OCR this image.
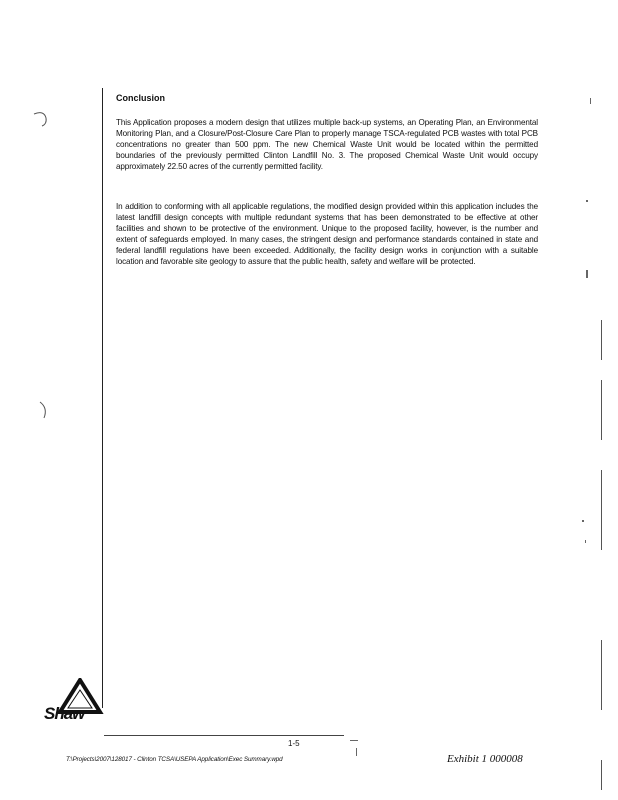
Conclusion

This Application proposes a modern design that utilizes multiple back-up systems, an Operating Plan, an Environmental Monitoring Plan, and a Closure/Post-Closure Care Plan to properly manage TSCA-regulated PCB wastes with total PCB concentrations no greater than 500 ppm. The new Chemical Waste Unit would be located within the permitted boundaries of the previously permitted Clinton Landfill No. 3. The proposed Chemical Waste Unit would occupy approximately 22.50 acres of the currently permitted facility.

In addition to conforming with all applicable regulations, the modified design provided within this application includes the latest landfill design concepts with multiple redundant systems that has been demonstrated to be effective at other facilities and shown to be protective of the environment. Unique to the proposed facility, however, is the number and extent of safeguards employed. In many cases, the stringent design and performance standards contained in state and federal landfill regulations have been exceeded. Additionally, the facility design works in conjunction with a suitable location and favorable site geology to assure that the public health, safety and welfare will be protected.

Shaw
1-5
T:\Projects\2007\128017 - Clinton TCSA\USEPA Application\Exec Summary.wpd	Exhibit 1 000008
